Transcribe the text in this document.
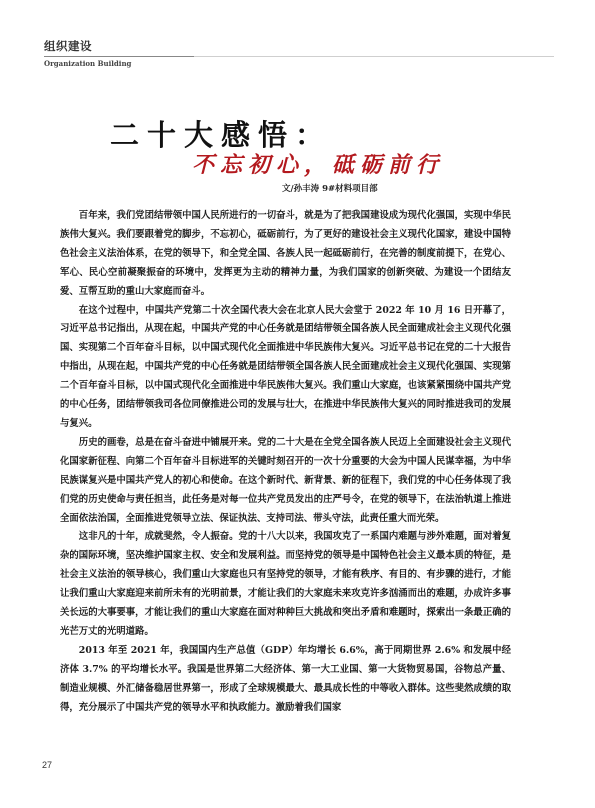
组织建设
Organization Building
二十大感悟：
不忘初心，砥砺前行
文/孙丰涛 9#材料项目部

百年来，我们党团结带领中国人民所进行的一切奋斗，就是为了把我国建设成为现代化强国，实现中华民族伟大复兴。我们要跟着党的脚步，不忘初心，砥砺前行，为了更好的建设社会主义现代化国家，建设中国特色社会主义法治体系，在党的领导下，和全党全国、各族人民一起砥砺前行，在完善的制度前提下，在党心、军心、民心空前凝聚振奋的环境中，发挥更为主动的精神力量，为我们国家的创新突破、为建设一个团结友爱、互帮互助的重山大家庭而奋斗。

在这个过程中，中国共产党第二十次全国代表大会在北京人民大会堂于 2022 年 10 月 16 日开幕了，习近平总书记指出，从现在起，中国共产党的中心任务就是团结带领全国各族人民全面建成社会主义现代化强国、实现第二个百年奋斗目标，以中国式现代化全面推进中华民族伟大复兴。习近平总书记在党的二十大报告中指出，从现在起，中国共产党的中心任务就是团结带领全国各族人民全面建成社会主义现代化强国、实现第二个百年奋斗目标，以中国式现代化全面推进中华民族伟大复兴。我们重山大家庭，也该紧紧围绕中国共产党的中心任务，团结带领我司各位同僚推进公司的发展与壮大，在推进中华民族伟大复兴的同时推进我司的发展与复兴。

历史的画卷，总是在奋斗奋进中铺展开来。党的二十大是在全党全国各族人民迈上全面建设社会主义现代化国家新征程、向第二个百年奋斗目标进军的关键时刻召开的一次十分重要的大会为中国人民谋幸福，为中华民族谋复兴是中国共产党人的初心和使命。在这个新时代、新背景、新的征程下，我们党的中心任务体现了我们党的历史使命与责任担当，此任务是对每一位共产党员发出的庄严号令，在党的领导下，在法治轨道上推进全面依法治国，全面推进党领导立法、保证执法、支持司法、带头守法，此责任重大而光荣。

这非凡的十年，成就斐然，令人振奋。党的十八大以来，我国攻克了一系国内难题与涉外难题，面对着复杂的国际环境，坚决维护国家主权、安全和发展利益。而坚持党的领导是中国特色社会主义最本质的特征，是社会主义法治的领导核心，我们重山大家庭也只有坚持党的领导，才能有秩序、有目的、有步骤的进行，才能让我们重山大家庭迎来前所未有的光明前景，才能让我们的大家庭未来攻克许多汹涌而出的难题，办成许多事关长远的大事要事，才能让我们的重山大家庭在面对种种巨大挑战和突出矛盾和难题时，探索出一条最正确的光芒万丈的光明道路。

2013 年至 2021 年，我国国内生产总值（GDP）年均增长 6.6%，高于同期世界 2.6% 和发展中经济体 3.7% 的平均增长水平。我国是世界第二大经济体、第一大工业国、第一大货物贸易国，谷物总产量、制造业规模、外汇储备稳居世界第一，形成了全球规模最大、最具成长性的中等收入群体。这些斐然成绩的取得，充分展示了中国共产党的领导水平和执政能力。激励着我们国家

27
